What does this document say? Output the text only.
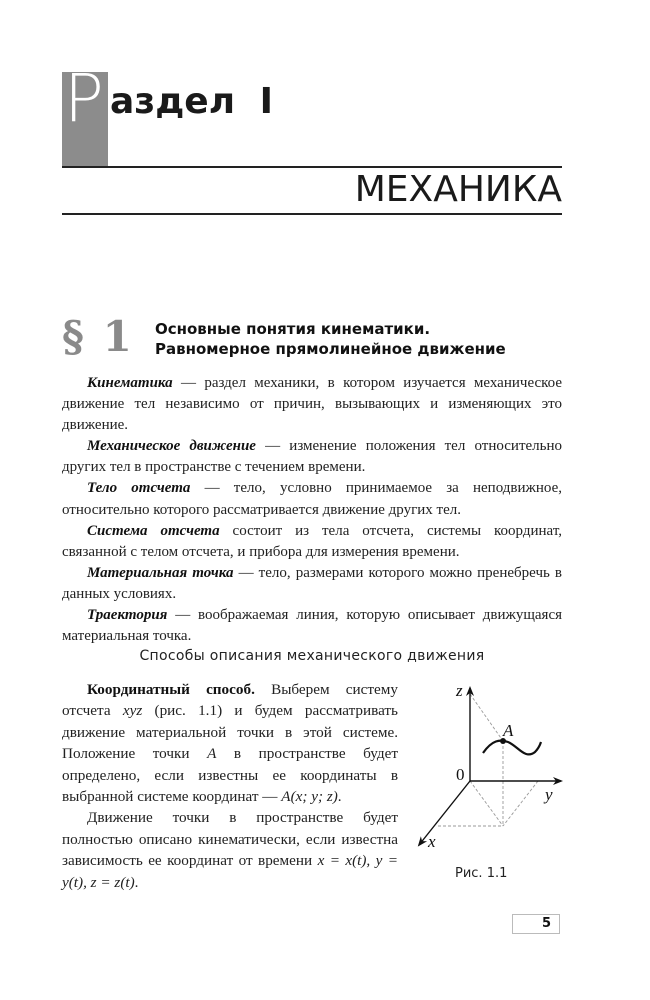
Р аздел I
МЕХАНИКА
§ 1 Основные понятия кинематики.
Равномерное прямолинейное движение

Кинематика — раздел механики, в котором изучается механическое движение тел независимо от причин, вызывающих и изменяющих это движение.

Механическое движение — изменение положения тел относительно других тел в пространстве с течением времени.

Тело отсчета — тело, условно принимаемое за неподвижное, относительно которого рассматривается движение других тел.

Система отсчета состоит из тела отсчета, системы координат, связанной с телом отсчета, и прибора для измерения времени.

Материальная точка — тело, размерами которого можно пренебречь в данных условиях.

Траектория — воображаемая линия, которую описывает движущаяся материальная точка.

Способы описания механического движения

Координатный способ. Выберем систему отсчета xyz (рис. 1.1) и будем рассматривать движение материальной точки в этой системе. Положение точки A в пространстве будет определено, если известны ее координаты в выбранной системе координат — A(x; y; z).

Движение точки в пространстве будет полностью описано кинематически, если известна зависимость ее координат от времени x = x(t), y = y(t), z = z(t).

z
y
x
0
A
Рис. 1.1
5
